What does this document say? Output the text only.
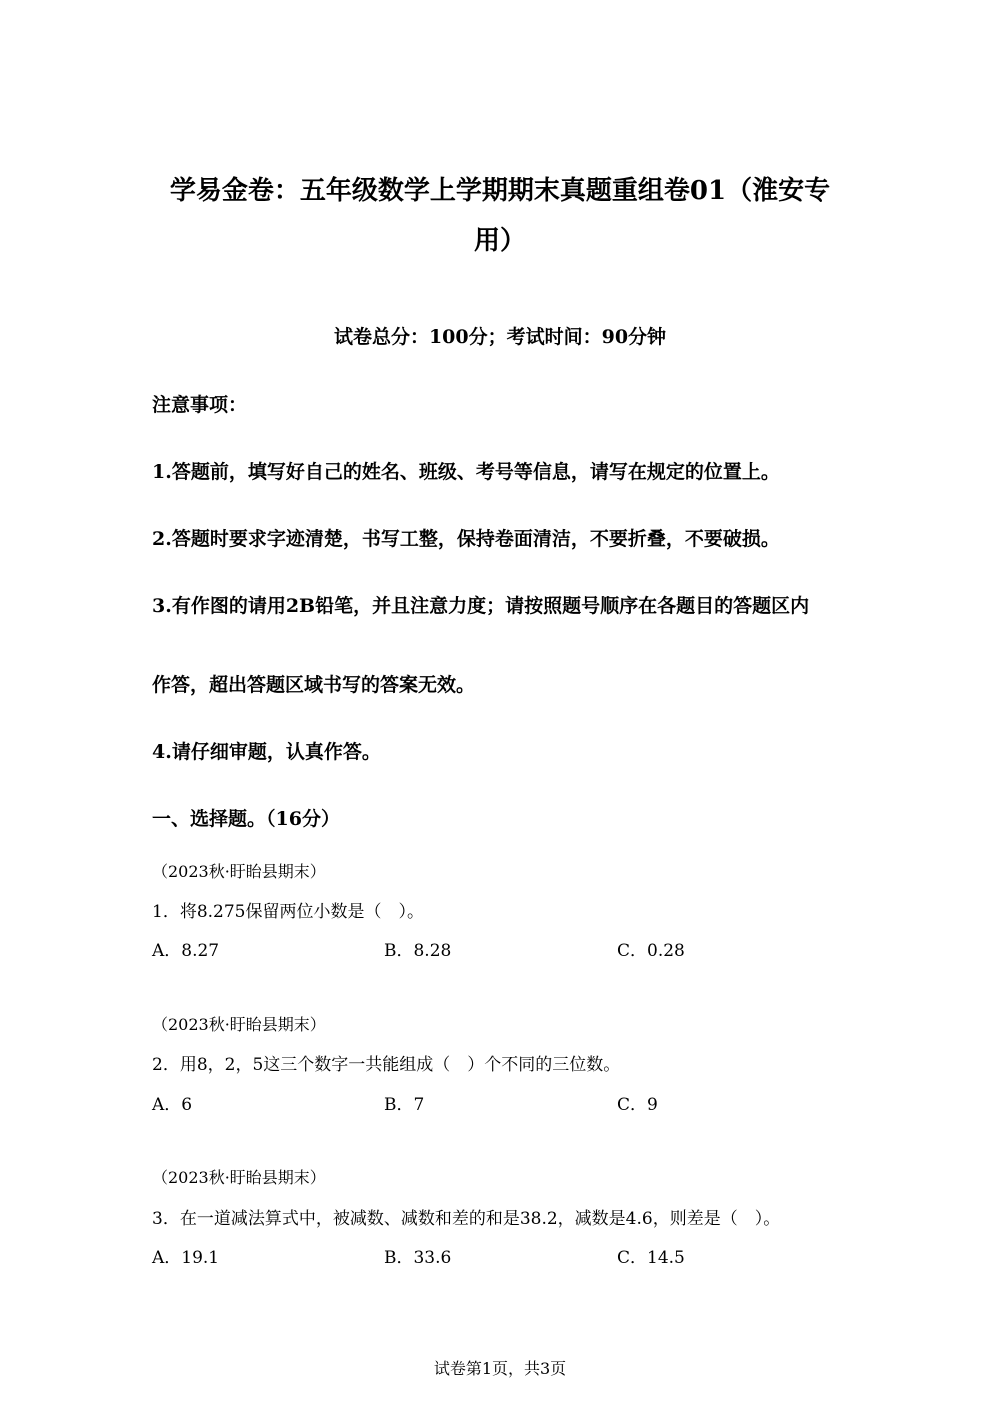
学易金卷：五年级数学上学期期末真题重组卷01（淮安专
用）
试卷总分：100分；考试时间：90分钟
注意事项：
1.答题前，填写好自己的姓名、班级、考号等信息，请写在规定的位置上。
2.答题时要求字迹清楚，书写工整，保持卷面清洁，不要折叠，不要破损。
3.有作图的请用2B铅笔，并且注意力度；请按照题号顺序在各题目的答题区内
作答，超出答题区域书写的答案无效。
4.请仔细审题，认真作答。
一、选择题。（16分）
（2023秋·盱眙县期末）
1．将8.275保留两位小数是（　）。
A．8.27	B．8.28	C．0.28
（2023秋·盱眙县期末）
2．用8，2，5这三个数字一共能组成（　）个不同的三位数。
A．6	B．7	C．9
（2023秋·盱眙县期末）
3．在一道减法算式中，被减数、减数和差的和是38.2，减数是4.6，则差是（　）。
A．19.1	B．33.6	C．14.5
试卷第1页，共3页
